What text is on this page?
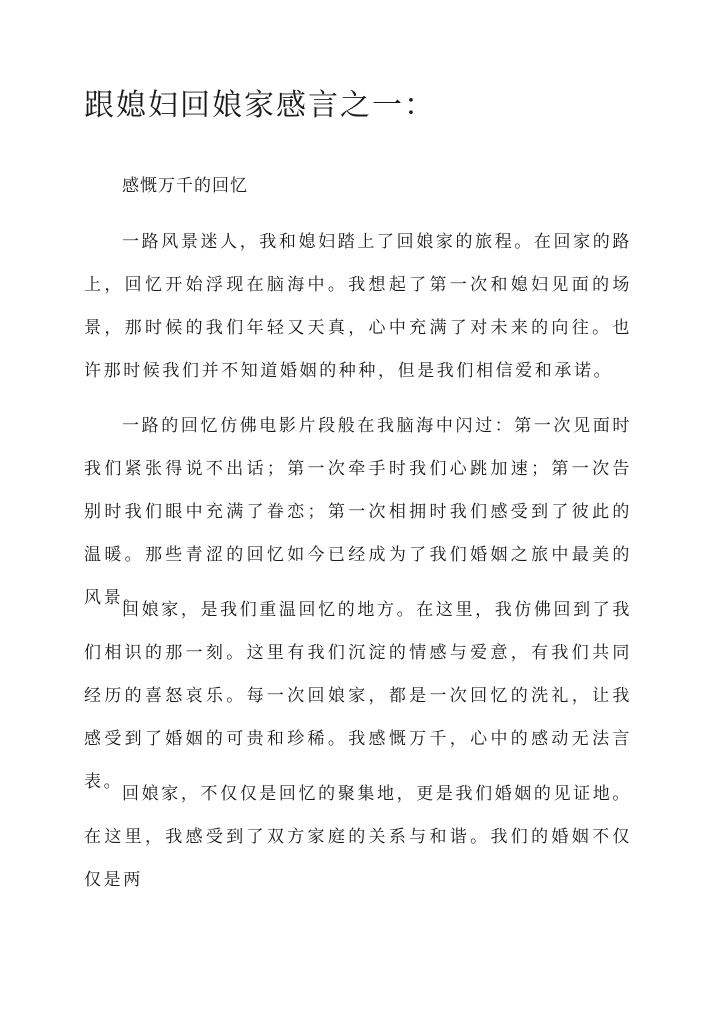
跟媳妇回娘家感言之一：

感慨万千的回忆

一路风景迷人，我和媳妇踏上了回娘家的旅程。在回家的路上，回忆开始浮现在脑海中。我想起了第一次和媳妇见面的场景，那时候的我们年轻又天真，心中充满了对未来的向往。也许那时候我们并不知道婚姻的种种，但是我们相信爱和承诺。

一路的回忆仿佛电影片段般在我脑海中闪过：第一次见面时我们紧张得说不出话；第一次牵手时我们心跳加速；第一次告别时我们眼中充满了眷恋；第一次相拥时我们感受到了彼此的温暖。那些青涩的回忆如今已经成为了我们婚姻之旅中最美的风景。

回娘家，是我们重温回忆的地方。在这里，我仿佛回到了我们相识的那一刻。这里有我们沉淀的情感与爱意，有我们共同经历的喜怒哀乐。每一次回娘家，都是一次回忆的洗礼，让我感受到了婚姻的可贵和珍稀。我感慨万千，心中的感动无法言表。

回娘家，不仅仅是回忆的聚集地，更是我们婚姻的见证地。在这里，我感受到了双方家庭的关系与和谐。我们的婚姻不仅仅是两
